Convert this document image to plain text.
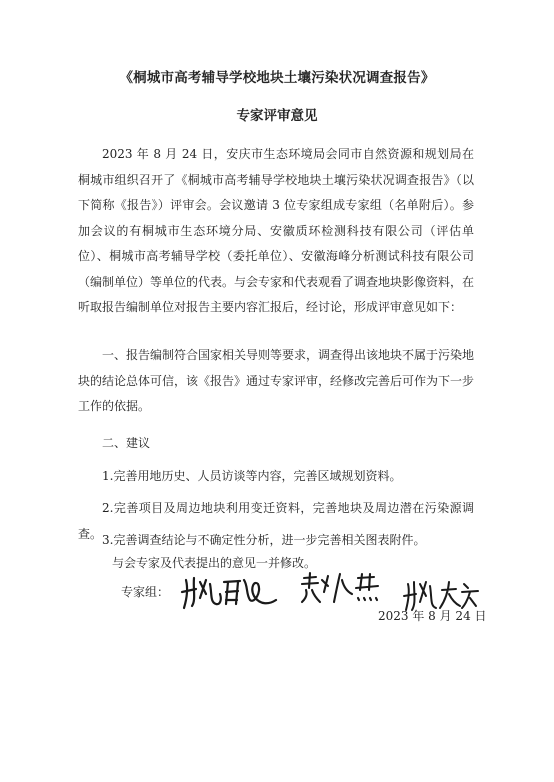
《桐城市高考辅导学校地块土壤污染状况调查报告》
专家评审意见
2023 年 8 月 24 日，安庆市生态环境局会同市自然资源和规划局在桐城市组织召开了《桐城市高考辅导学校地块土壤污染状况调查报告》（以下简称《报告》）评审会。会议邀请 3 位专家组成专家组（名单附后）。参加会议的有桐城市生态环境分局、安徽质环检测科技有限公司（评估单位）、桐城市高考辅导学校（委托单位）、安徽海峰分析测试科技有限公司（编制单位）等单位的代表。与会专家和代表观看了调查地块影像资料，在听取报告编制单位对报告主要内容汇报后，经讨论，形成评审意见如下：
一、报告编制符合国家相关导则等要求，调查得出该地块不属于污染地块的结论总体可信，该《报告》通过专家评审，经修改完善后可作为下一步工作的依据。
二、建议
1.完善用地历史、人员访谈等内容，完善区域规划资料。
2.完善项目及周边地块利用变迁资料，完善地块及周边潜在污染源调查。 3.完善调查结论与不确定性分析，进一步完善相关图表附件。
与会专家及代表提出的意见一并修改。
专家组：
2023 年 8 月 24 日
